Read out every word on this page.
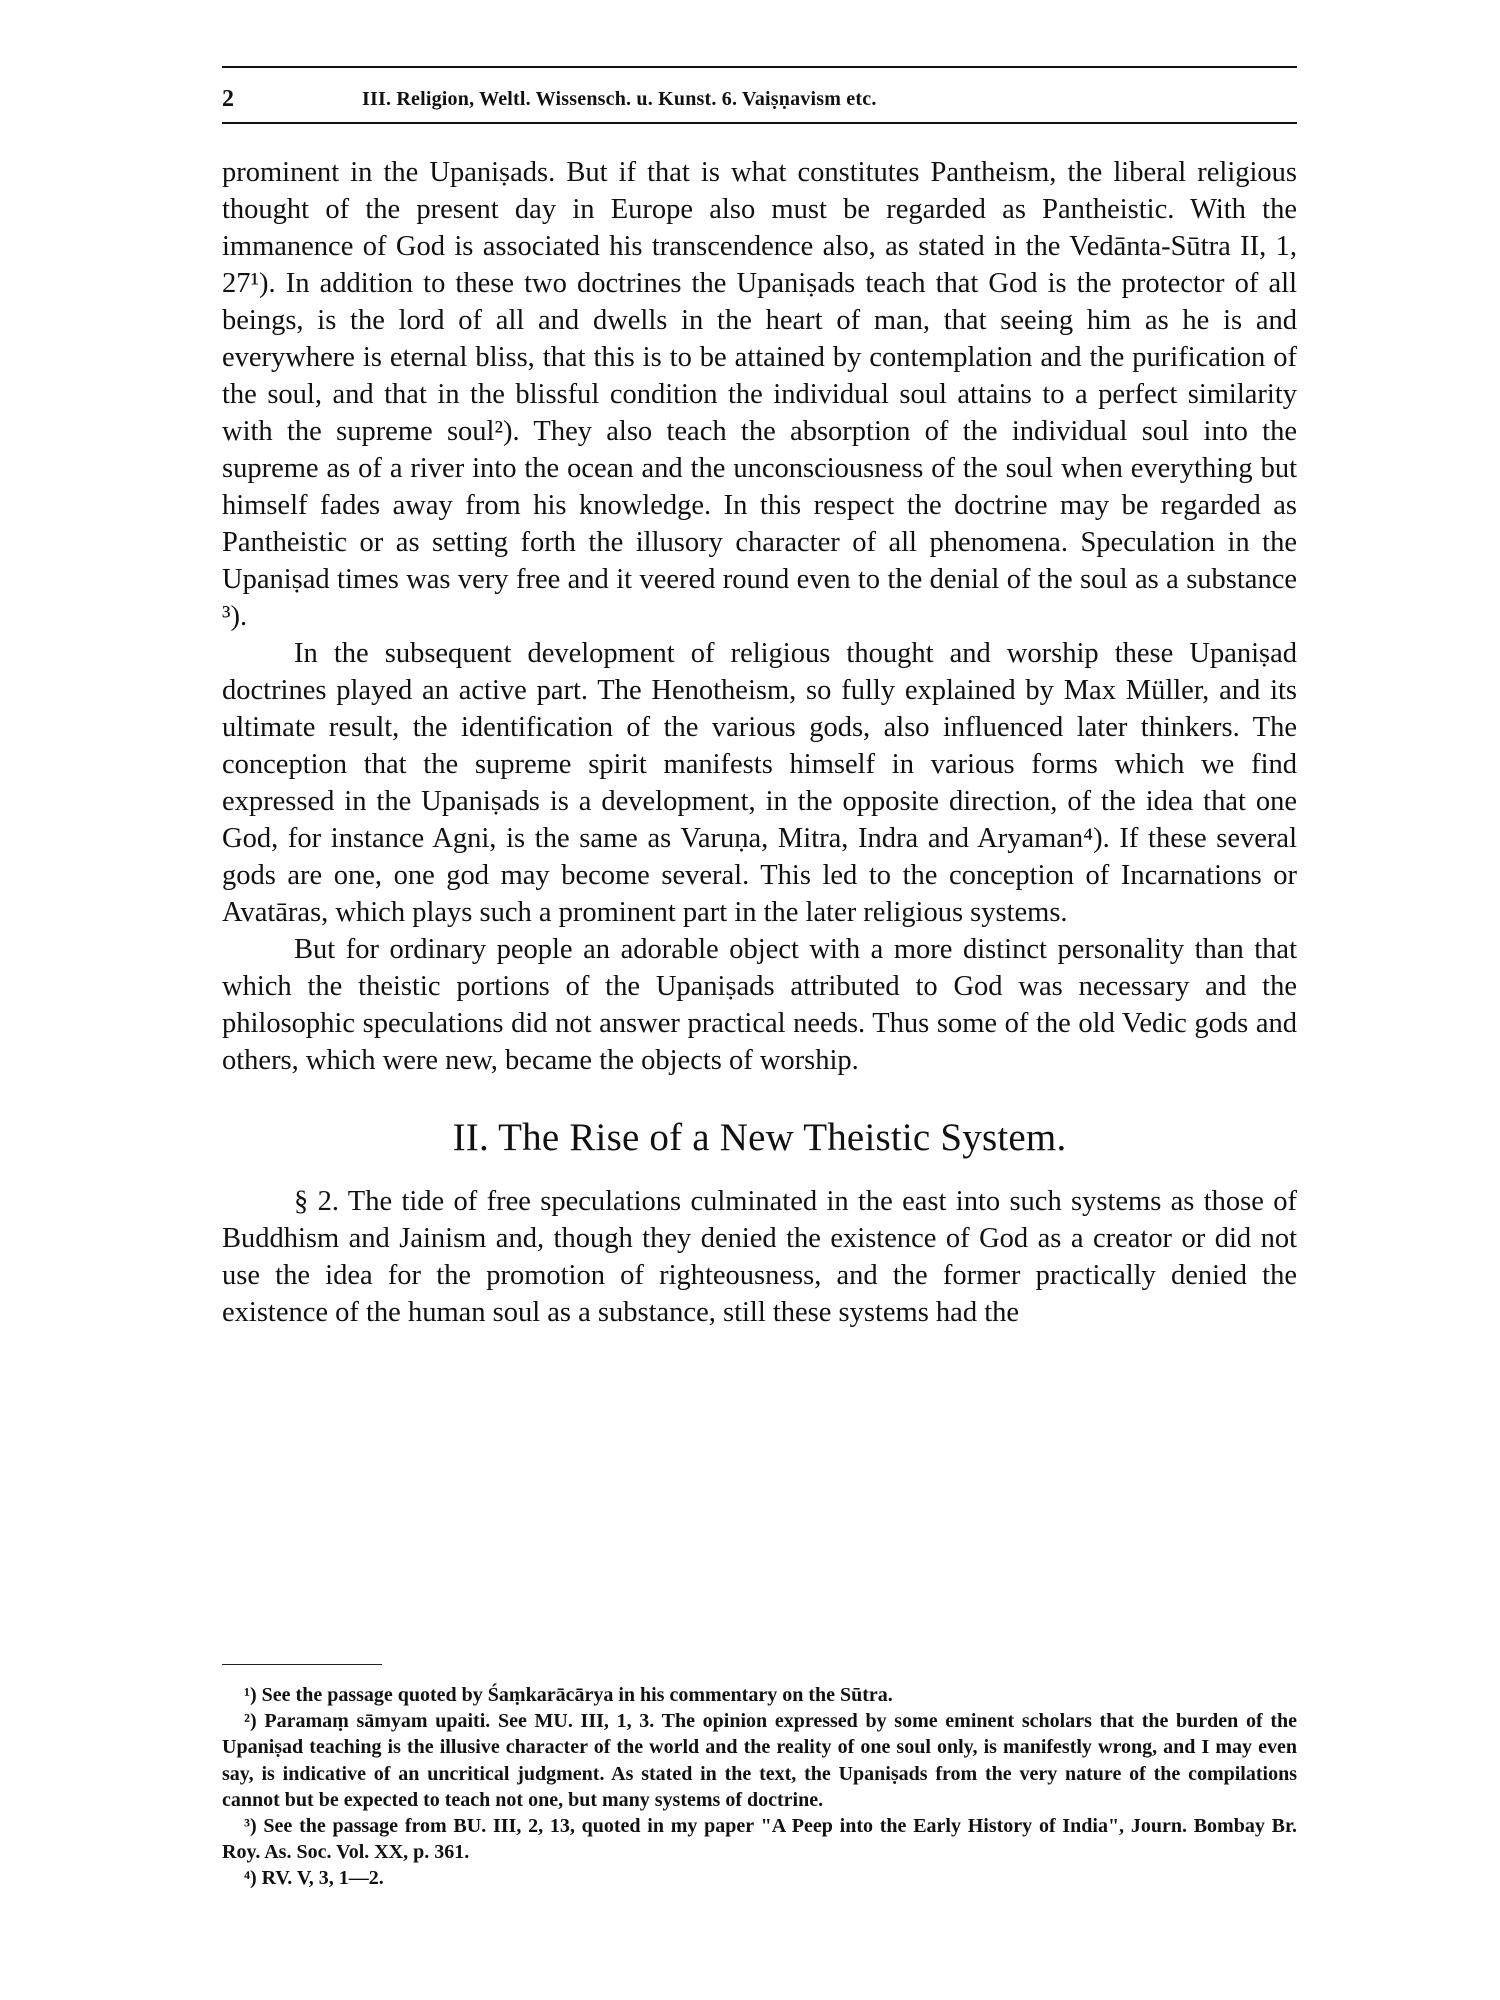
2	III. Religion, Weltl. Wissensch. u. Kunst. 6. Vaiṣṇavism etc.

prominent in the Upaniṣads. But if that is what constitutes Pantheism, the liberal religious thought of the present day in Europe also must be regarded as Pantheistic. With the immanence of God is associated his transcendence also, as stated in the Vedānta-Sūtra II, 1, 27¹). In addition to these two doctrines the Upaniṣads teach that God is the protector of all beings, is the lord of all and dwells in the heart of man, that seeing him as he is and everywhere is eternal bliss, that this is to be attained by contemplation and the purification of the soul, and that in the blissful condition the individual soul attains to a perfect similarity with the supreme soul²). They also teach the absorption of the individual soul into the supreme as of a river into the ocean and the unconsciousness of the soul when everything but himself fades away from his knowledge. In this respect the doctrine may be regarded as Pantheistic or as setting forth the illusory character of all phenomena. Speculation in the Upaniṣad times was very free and it veered round even to the denial of the soul as a substance ³).

In the subsequent development of religious thought and worship these Upaniṣad doctrines played an active part. The Henotheism, so fully explained by Max Müller, and its ultimate result, the identification of the various gods, also influenced later thinkers. The conception that the supreme spirit manifests himself in various forms which we find expressed in the Upaniṣads is a development, in the opposite direction, of the idea that one God, for instance Agni, is the same as Varuṇa, Mitra, Indra and Aryaman⁴). If these several gods are one, one god may become several. This led to the conception of Incarnations or Avatāras, which plays such a prominent part in the later religious systems.

But for ordinary people an adorable object with a more distinct personality than that which the theistic portions of the Upaniṣads attributed to God was necessary and the philosophic speculations did not answer practical needs. Thus some of the old Vedic gods and others, which were new, became the objects of worship.

II. The Rise of a New Theistic System.

§ 2. The tide of free speculations culminated in the east into such systems as those of Buddhism and Jainism and, though they denied the existence of God as a creator or did not use the idea for the promotion of righteousness, and the former practically denied the existence of the human soul as a substance, still these systems had the

¹) See the passage quoted by Śaṃkarācārya in his commentary on the Sūtra.

²) Paramaṃ sāmyam upaiti. See MU. III, 1, 3. The opinion expressed by some eminent scholars that the burden of the Upaniṣad teaching is the illusive character of the world and the reality of one soul only, is manifestly wrong, and I may even say, is indicative of an uncritical judgment. As stated in the text, the Upaniṣads from the very nature of the compilations cannot but be expected to teach not one, but many systems of doctrine.

³) See the passage from BU. III, 2, 13, quoted in my paper "A Peep into the Early History of India", Journ. Bombay Br. Roy. As. Soc. Vol. XX, p. 361.

⁴) RV. V, 3, 1—2.
